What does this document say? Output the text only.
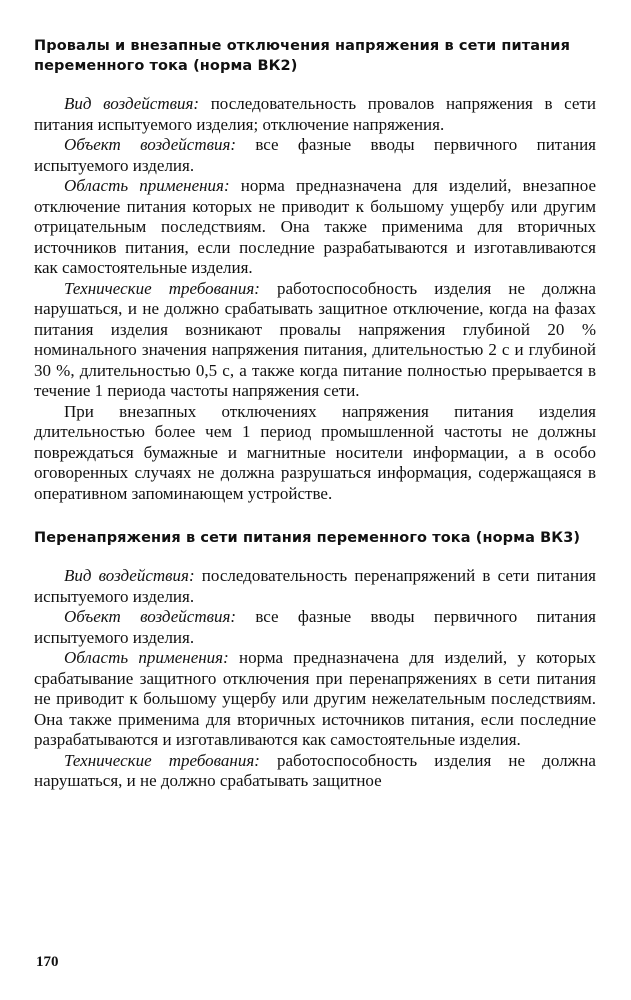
Провалы и внезапные отключения напряжения в сети питания переменного тока (норма ВК2)

Вид воздействия: последовательность провалов напряжения в сети питания испытуемого изделия; отключение напряжения.

Объект воздействия: все фазные вводы первичного питания испытуемого изделия.

Область применения: норма предназначена для изделий, внезапное отключение питания которых не приводит к большому ущербу или другим отрицательным последствиям. Она также применима для вторичных источников питания, если последние разрабатываются и изготавливаются как самостоятельные изделия.

Технические требования: работоспособность изделия не должна нарушаться, и не должно срабатывать защитное отключение, когда на фазах питания изделия возникают провалы напряжения глубиной 20 % номинального значения напряжения питания, длительностью 2 с и глубиной 30 %, длительностью 0,5 с, а также когда питание полностью прерывается в течение 1 периода частоты напряжения сети.

При внезапных отключениях напряжения питания изделия длительностью более чем 1 период промышленной частоты не должны повреждаться бумажные и магнитные носители информации, а в особо оговоренных случаях не должна разрушаться информация, содержащаяся в оперативном запоминающем устройстве.

Перенапряжения в сети питания переменного тока (норма ВК3)

Вид воздействия: последовательность перенапряжений в сети питания испытуемого изделия.

Объект воздействия: все фазные вводы первичного питания испытуемого изделия.

Область применения: норма предназначена для изделий, у которых срабатывание защитного отключения при перенапряжениях в сети питания не приводит к большому ущербу или другим нежелательным последствиям. Она также применима для вторичных источников питания, если последние разрабатываются и изготавливаются как самостоятельные изделия.

Технические требования: работоспособность изделия не должна нарушаться, и не должно срабатывать защитное

170
